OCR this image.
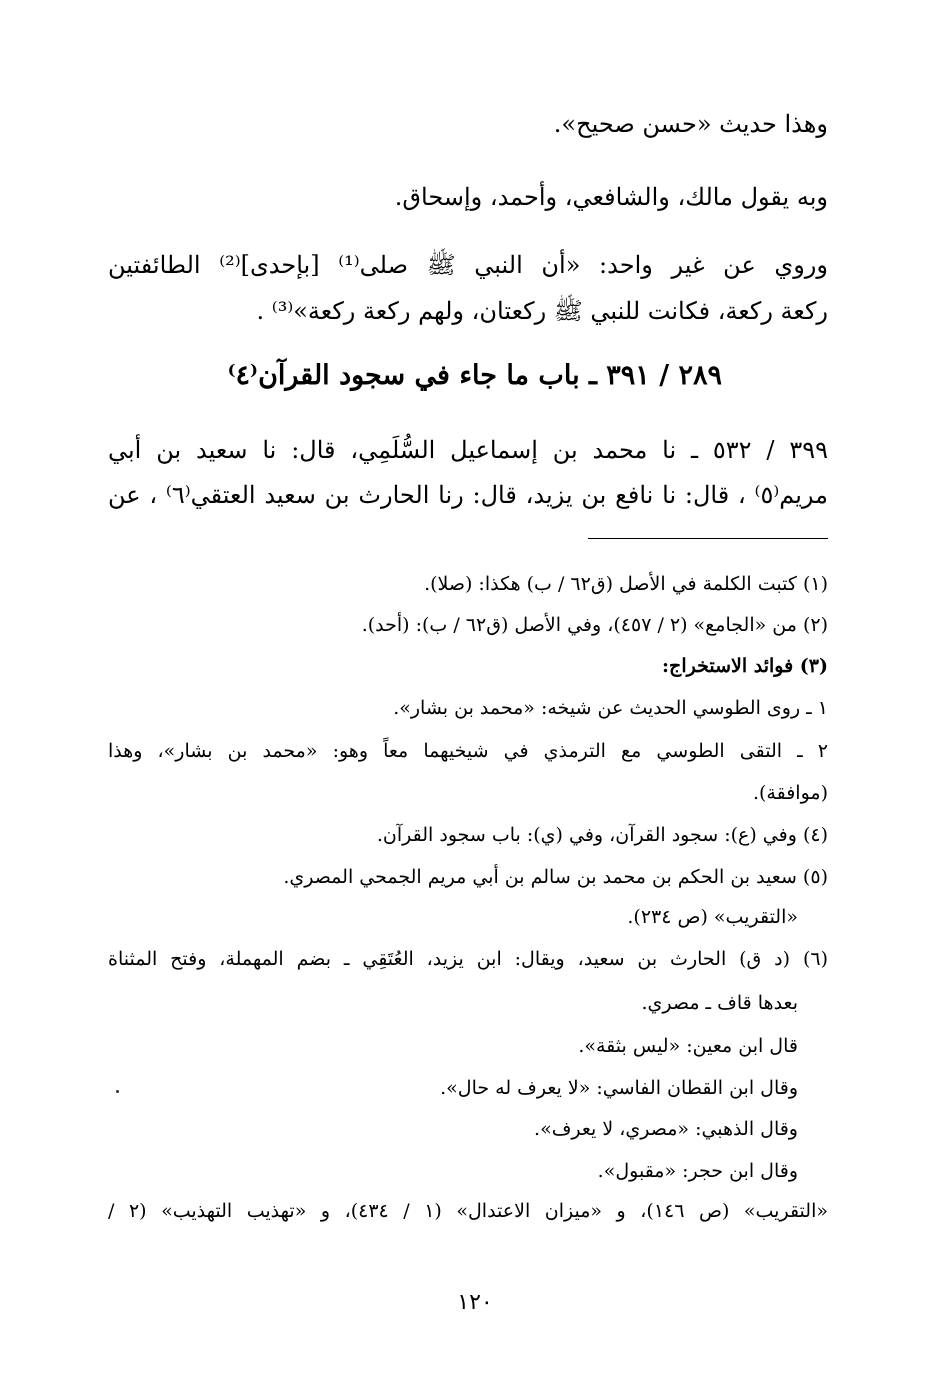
وهذا حديث «حسن صحيح».
وبه يقول مالك، والشافعي، وأحمد، وإسحاق.
وروي عن غير واحد: «أن النبي ﷺ صلى⁽¹⁾ [بإحدى]⁽²⁾ الطائفتين
ركعة ركعة، فكانت للنبي ﷺ ركعتان، ولهم ركعة ركعة»⁽³⁾ .
٢٨٩ / ٣٩١ ـ باب ما جاء في سجود القرآن⁽٤⁾
٣٩٩ / ٥٣٢ ـ نا محمد بن إسماعيل السُّلَمِي، قال: نا سعيد بن أبي
مريم⁽٥⁾ ، قال: نا نافع بن يزيد، قال: رنا الحارث بن سعيد العتقي⁽٦⁾ ، عن
(١) كتبت الكلمة في الأصل (ق٦٢ / ب) هكذا: (صلا).
(٢) من «الجامع» (٢ / ٤٥٧)، وفي الأصل (ق٦٢ / ب): (أحد).
(٣) فوائد الاستخراج:
١ ـ روى الطوسي الحديث عن شيخه: «محمد بن بشار».
٢ ـ التقى الطوسي مع الترمذي في شيخيهما معاً وهو: «محمد بن بشار»، وهذا
(موافقة).
(٤) وفي (ع): سجود القرآن، وفي (ي): باب سجود القرآن.
(٥) سعيد بن الحكم بن محمد بن سالم بن أبي مريم الجمحي المصري.
«التقريب» (ص ٢٣٤).
(٦) (د ق) الحارث بن سعيد، ويقال: ابن يزيد، العُتَقِي ـ بضم المهملة، وفتح المثناة
بعدها قاف ـ مصري.
قال ابن معين: «ليس بثقة».
وقال ابن القطان الفاسي: «لا يعرف له حال».
وقال الذهبي: «مصري، لا يعرف».
وقال ابن حجر: «مقبول».
«التقريب» (ص ١٤٦)، و «ميزان الاعتدال» (١ / ٤٣٤)، و «تهذيب التهذيب» (٢ /
١٢٠
